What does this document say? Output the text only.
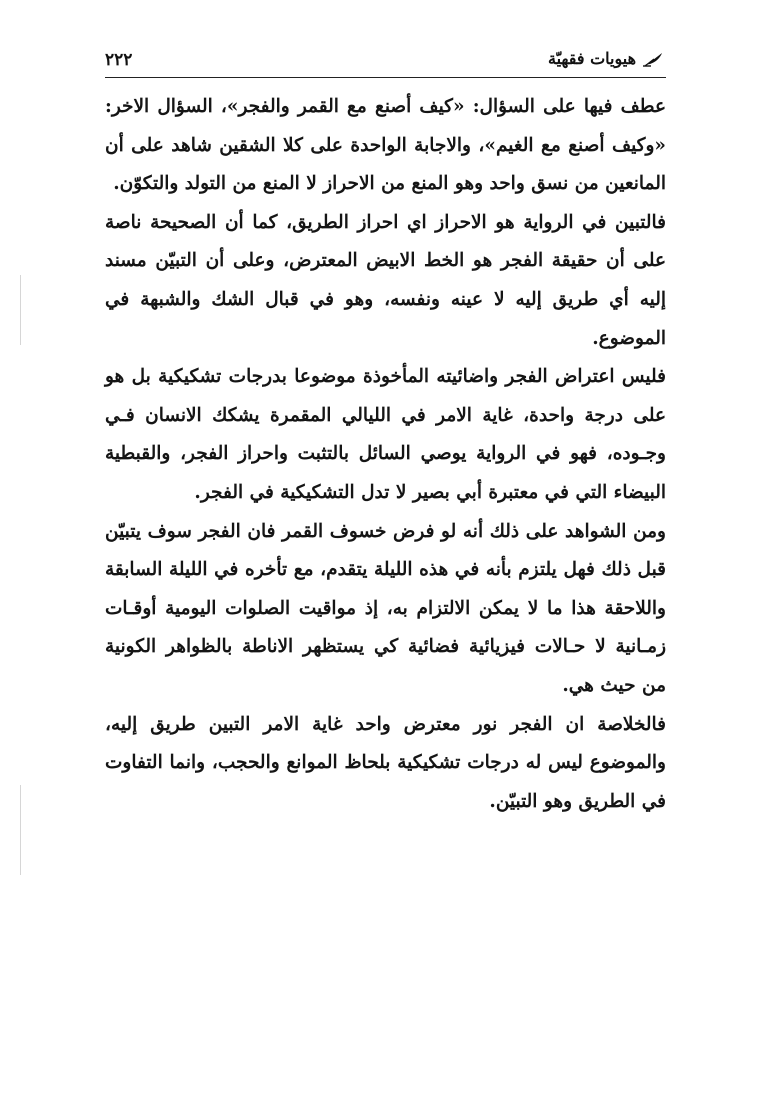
٢٢٢	هيويات فقهيّة

عطف فيها على السؤال: «كيف أصنع مع القمر والفجر»، السؤال الاخر: «وكيف أصنع مع الغيم»، والاجابة الواحدة على كلا الشقين شاهد على أن المانعين من نسق واحد وهو المنع من الاحراز لا المنع من التولد والتكوّن.

فالتبين في الرواية هو الاحراز اي احراز الطريق، كما أن الصحيحة ناصة على أن حقيقة الفجر هو الخط الابيض المعترض، وعلى أن التبيّن مسند إليه أي طريق إليه لا عينه ونفسه، وهو في قبال الشك والشبهة في الموضوع.

فليس اعتراض الفجر واضائيته المأخوذة موضوعا بدرجات تشكيكية بل هو على درجة واحدة، غاية الامر في الليالي المقمرة يشكك الانسان فـي وجـوده، فهو في الرواية يوصي السائل بالتثبت واحراز الفجر، والقبطية البيضاء التي في معتبرة أبي بصير لا تدل التشكيكية في الفجر.

ومن الشواهد على ذلك أنه لو فرض خسوف القمر فان الفجر سوف يتبيّن قبل ذلك فهل يلتزم بأنه في هذه الليلة يتقدم، مع تأخره في الليلة السابقة واللاحقة هذا ما لا يمكن الالتزام به، إذ مواقيت الصلوات اليومية أوقـات زمـانية لا حـالات فيزيائية فضائية كي يستظهر الاناطة بالظواهر الكونية من حيث هي.

فالخلاصة ان الفجر نور معترض واحد غاية الامر التبين طريق إليه، والموضوع ليس له درجات تشكيكية بلحاظ الموانع والحجب، وانما التفاوت في الطريق وهو التبيّن.
